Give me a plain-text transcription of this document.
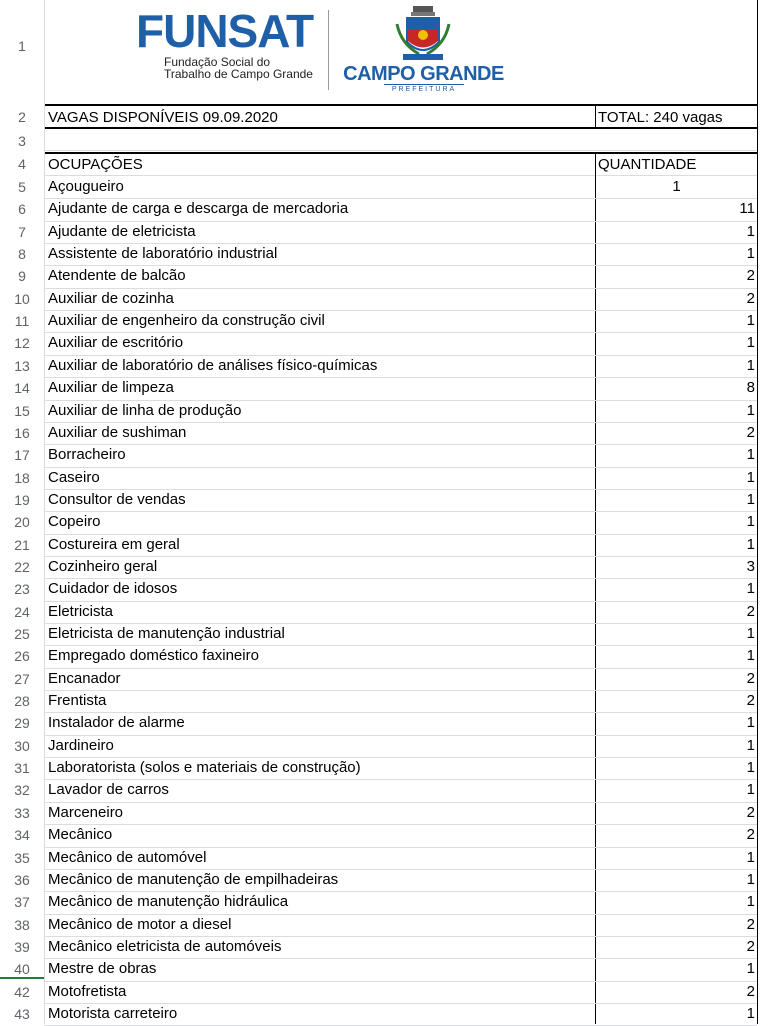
1
2
3
4
FUNSAT
Fundação Social do
Trabalho de Campo Grande	CAMPO GRANDE
PREFEITURA
VAGAS DISPONÍVEIS 09.09.2020	TOTAL: 240 vagas
OCUPAÇÕES	QUANTIDADE
5	Açougueiro	1
6	Ajudante de carga e descarga de mercadoria	11
7	Ajudante de eletricista	1
8	Assistente de laboratório industrial	1
9	Atendente de balcão	2
10	Auxiliar de cozinha	2
11	Auxiliar de engenheiro da construção civil	1
12	Auxiliar de escritório	1
13	Auxiliar de laboratório de análises físico-químicas	1
14	Auxiliar de limpeza	8
15	Auxiliar de linha de produção	1
16	Auxiliar de sushiman	2
17	Borracheiro	1
18	Caseiro	1
19	Consultor de vendas	1
20	Copeiro	1
21	Costureira em geral	1
22	Cozinheiro geral	3
23	Cuidador de idosos	1
24	Eletricista	2
25	Eletricista de manutenção industrial	1
26	Empregado doméstico faxineiro	1
27	Encanador	2
28	Frentista	2
29	Instalador de alarme	1
30	Jardineiro	1
31	Laboratorista (solos e materiais de construção)	1
32	Lavador de carros	1
33	Marceneiro	2
34	Mecânico	2
35	Mecânico de automóvel	1
36	Mecânico de manutenção de empilhadeiras	1
37	Mecânico de manutenção hidráulica	1
38	Mecânico de motor a diesel	2
39	Mecânico eletricista de automóveis	2
40	Mestre de obras	1
42	Motofretista	2
43	Motorista carreteiro	1
